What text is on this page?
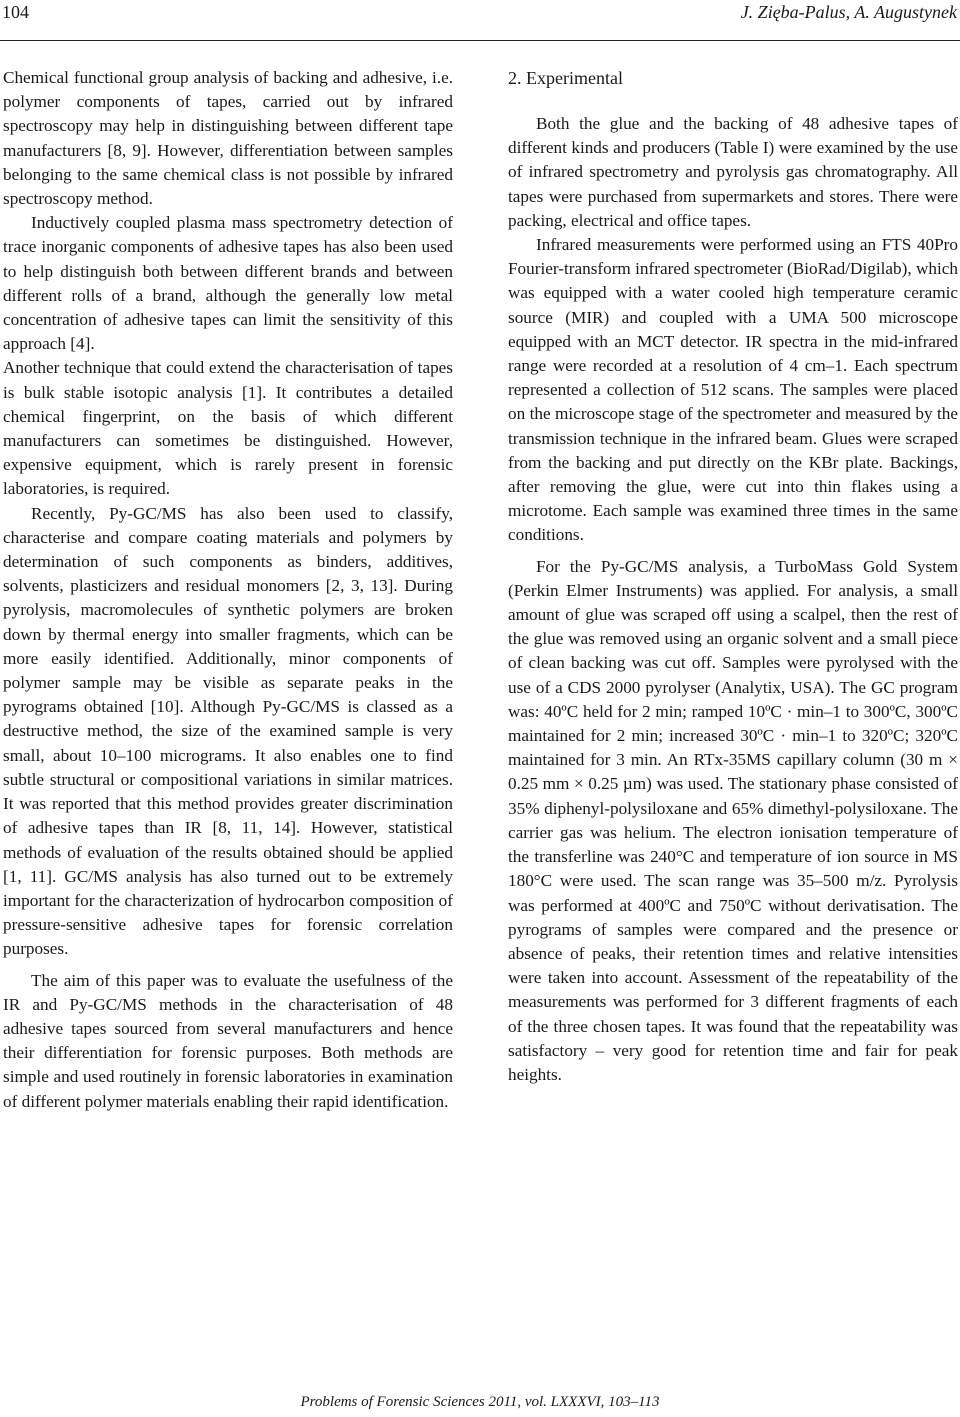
104	J. Zięba-Palus, A. Augustynek

Chemical functional group analysis of backing and adhesive, i.e. polymer components of tapes, carried out by infrared spectroscopy may help in distinguishing between different tape manufacturers [8, 9]. However, differentiation between samples belonging to the same chemical class is not possible by infrared spectroscopy method.

Inductively coupled plasma mass spectrometry detection of trace inorganic components of adhesive tapes has also been used to help distinguish both between different brands and between different rolls of a brand, although the generally low metal concentration of adhesive tapes can limit the sensitivity of this approach [4].

Another technique that could extend the characterisation of tapes is bulk stable isotopic analysis [1]. It contributes a detailed chemical fingerprint, on the basis of which different manufacturers can sometimes be distinguished. However, expensive equipment, which is rarely present in forensic laboratories, is required.

Recently, Py-GC/MS has also been used to classify, characterise and compare coating materials and polymers by determination of such components as binders, additives, solvents, plasticizers and residual monomers [2, 3, 13]. During pyrolysis, macromolecules of synthetic polymers are broken down by thermal energy into smaller fragments, which can be more easily identified. Additionally, minor components of polymer sample may be visible as separate peaks in the pyrograms obtained [10]. Although Py-GC/MS is classed as a destructive method, the size of the examined sample is very small, about 10–100 micrograms. It also enables one to find subtle structural or compositional variations in similar matrices. It was reported that this method provides greater discrimination of adhesive tapes than IR [8, 11, 14]. However, statistical methods of evaluation of the results obtained should be applied [1, 11]. GC/MS analysis has also turned out to be extremely important for the characterization of hydrocarbon composition of pressure-sensitive adhesive tapes for forensic correlation purposes.

The aim of this paper was to evaluate the usefulness of the IR and Py-GC/MS methods in the characterisation of 48 adhesive tapes sourced from several manufacturers and hence their differentiation for forensic purposes. Both methods are simple and used routinely in forensic laboratories in examination of different polymer materials enabling their rapid identification.

2. Experimental

Both the glue and the backing of 48 adhesive tapes of different kinds and producers (Table I) were examined by the use of infrared spectrometry and pyrolysis gas chromatography. All tapes were purchased from supermarkets and stores. There were packing, electrical and office tapes.

Infrared measurements were performed using an FTS 40Pro Fourier-transform infrared spectrometer (BioRad/Digilab), which was equipped with a water cooled high temperature ceramic source (MIR) and coupled with a UMA 500 microscope equipped with an MCT detector. IR spectra in the mid-infrared range were recorded at a resolution of 4 cm–1. Each spectrum represented a collection of 512 scans. The samples were placed on the microscope stage of the spectrometer and measured by the transmission technique in the infrared beam. Glues were scraped from the backing and put directly on the KBr plate. Backings, after removing the glue, were cut into thin flakes using a microtome. Each sample was examined three times in the same conditions.

For the Py-GC/MS analysis, a TurboMass Gold System (Perkin Elmer Instruments) was applied. For analysis, a small amount of glue was scraped off using a scalpel, then the rest of the glue was removed using an organic solvent and a small piece of clean backing was cut off. Samples were pyrolysed with the use of a CDS 2000 pyrolyser (Analytix, USA). The GC program was: 40ºC held for 2 min; ramped 10ºC · min–1 to 300ºC, 300ºC maintained for 2 min; increased 30ºC · min–1 to 320ºC; 320ºC maintained for 3 min. An RTx-35MS capillary column (30 m × 0.25 mm × 0.25 µm) was used. The stationary phase consisted of 35% diphenyl-polysiloxane and 65% dimethyl-polysiloxane. The carrier gas was helium. The electron ionisation temperature of the transferline was 240°C and temperature of ion source in MS 180°C were used. The scan range was 35–500 m/z. Pyrolysis was performed at 400ºC and 750ºC without derivatisation. The pyrograms of samples were compared and the presence or absence of peaks, their retention times and relative intensities were taken into account. Assessment of the repeatability of the measurements was performed for 3 different fragments of each of the three chosen tapes. It was found that the repeatability was satisfactory – very good for retention time and fair for peak heights.

Problems of Forensic Sciences 2011, vol. LXXXVI, 103–113
